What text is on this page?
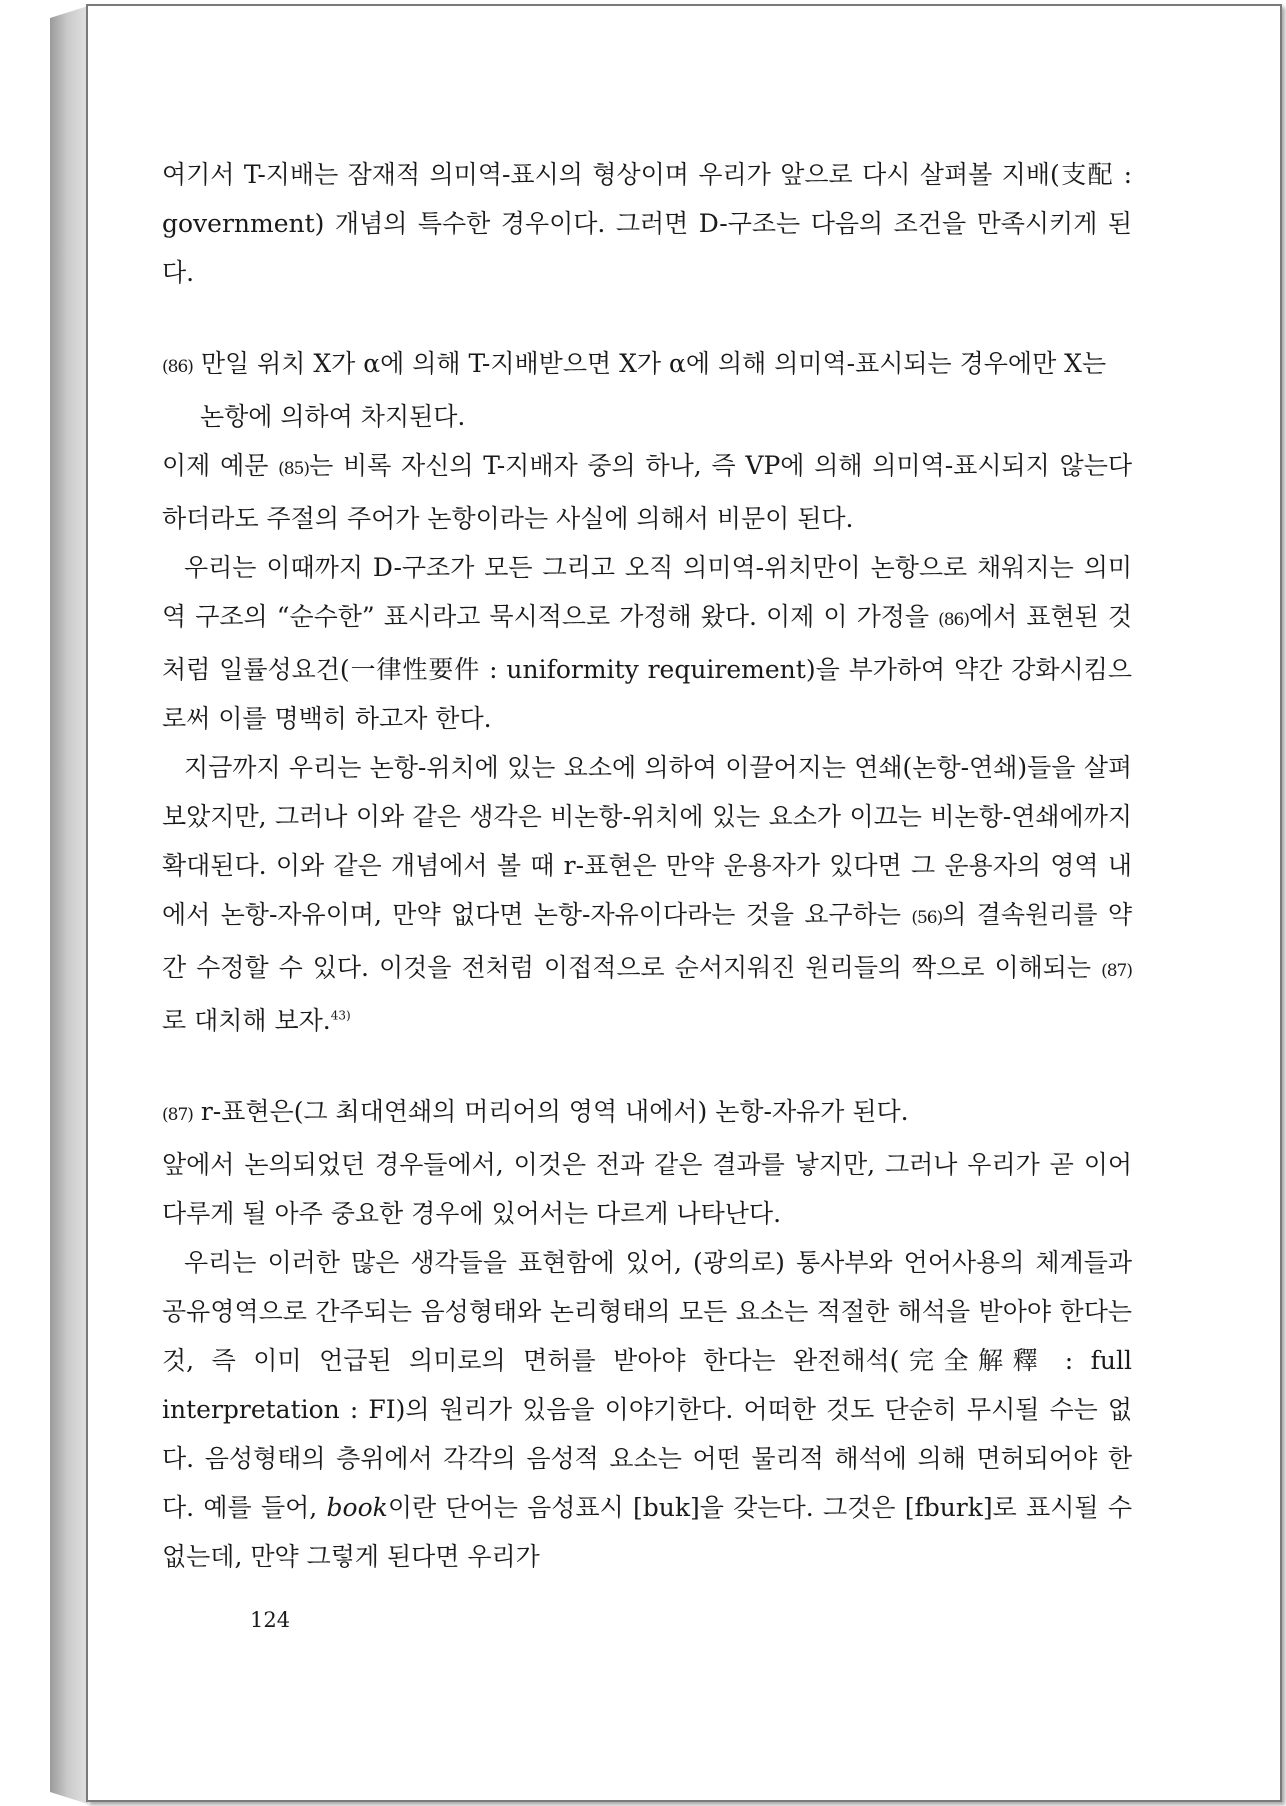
여기서 T-지배는 잠재적 의미역-표시의 형상이며 우리가 앞으로 다시 살펴볼 지배(支配 : government) 개념의 특수한 경우이다. 그러면 D-구조는 다음의 조건을 만족시키게 된다.

(86) 만일 위치 X가 α에 의해 T-지배받으면 X가 α에 의해 의미역-표시되는 경우에만 X는 논항에 의하여 차지된다.

이제 예문 (85)는 비록 자신의 T-지배자 중의 하나, 즉 VP에 의해 의미역-표시되지 않는다 하더라도 주절의 주어가 논항이라는 사실에 의해서 비문이 된다.

우리는 이때까지 D-구조가 모든 그리고 오직 의미역-위치만이 논항으로 채워지는 의미역 구조의 “순수한” 표시라고 묵시적으로 가정해 왔다. 이제 이 가정을 (86)에서 표현된 것처럼 일률성요건(一律性要件 : uniformity requirement)을 부가하여 약간 강화시킴으로써 이를 명백히 하고자 한다.

지금까지 우리는 논항-위치에 있는 요소에 의하여 이끌어지는 연쇄(논항-연쇄)들을 살펴보았지만, 그러나 이와 같은 생각은 비논항-위치에 있는 요소가 이끄는 비논항-연쇄에까지 확대된다. 이와 같은 개념에서 볼 때 r-표현은 만약 운용자가 있다면 그 운용자의 영역 내에서 논항-자유이며, 만약 없다면 논항-자유이다라는 것을 요구하는 (56)의 결속원리를 약간 수정할 수 있다. 이것을 전처럼 이접적으로 순서지워진 원리들의 짝으로 이해되는 (87)로 대치해 보자.$^{43)}$

(87) r-표현은(그 최대연쇄의 머리어의 영역 내에서) 논항-자유가 된다.

앞에서 논의되었던 경우들에서, 이것은 전과 같은 결과를 낳지만, 그러나 우리가 곧 이어 다루게 될 아주 중요한 경우에 있어서는 다르게 나타난다.

우리는 이러한 많은 생각들을 표현함에 있어, (광의로) 통사부와 언어사용의 체계들과 공유영역으로 간주되는 음성형태와 논리형태의 모든 요소는 적절한 해석을 받아야 한다는 것, 즉 이미 언급된 의미로의 면허를 받아야 한다는 완전해석(完全解釋 : full interpretation : FI)의 원리가 있음을 이야기한다. 어떠한 것도 단순히 무시될 수는 없다. 음성형태의 층위에서 각각의 음성적 요소는 어떤 물리적 해석에 의해 면허되어야 한다. 예를 들어, book이란 단어는 음성표시 [buk]을 갖는다. 그것은 [fburk]로 표시될 수 없는데, 만약 그렇게 된다면 우리가

124
